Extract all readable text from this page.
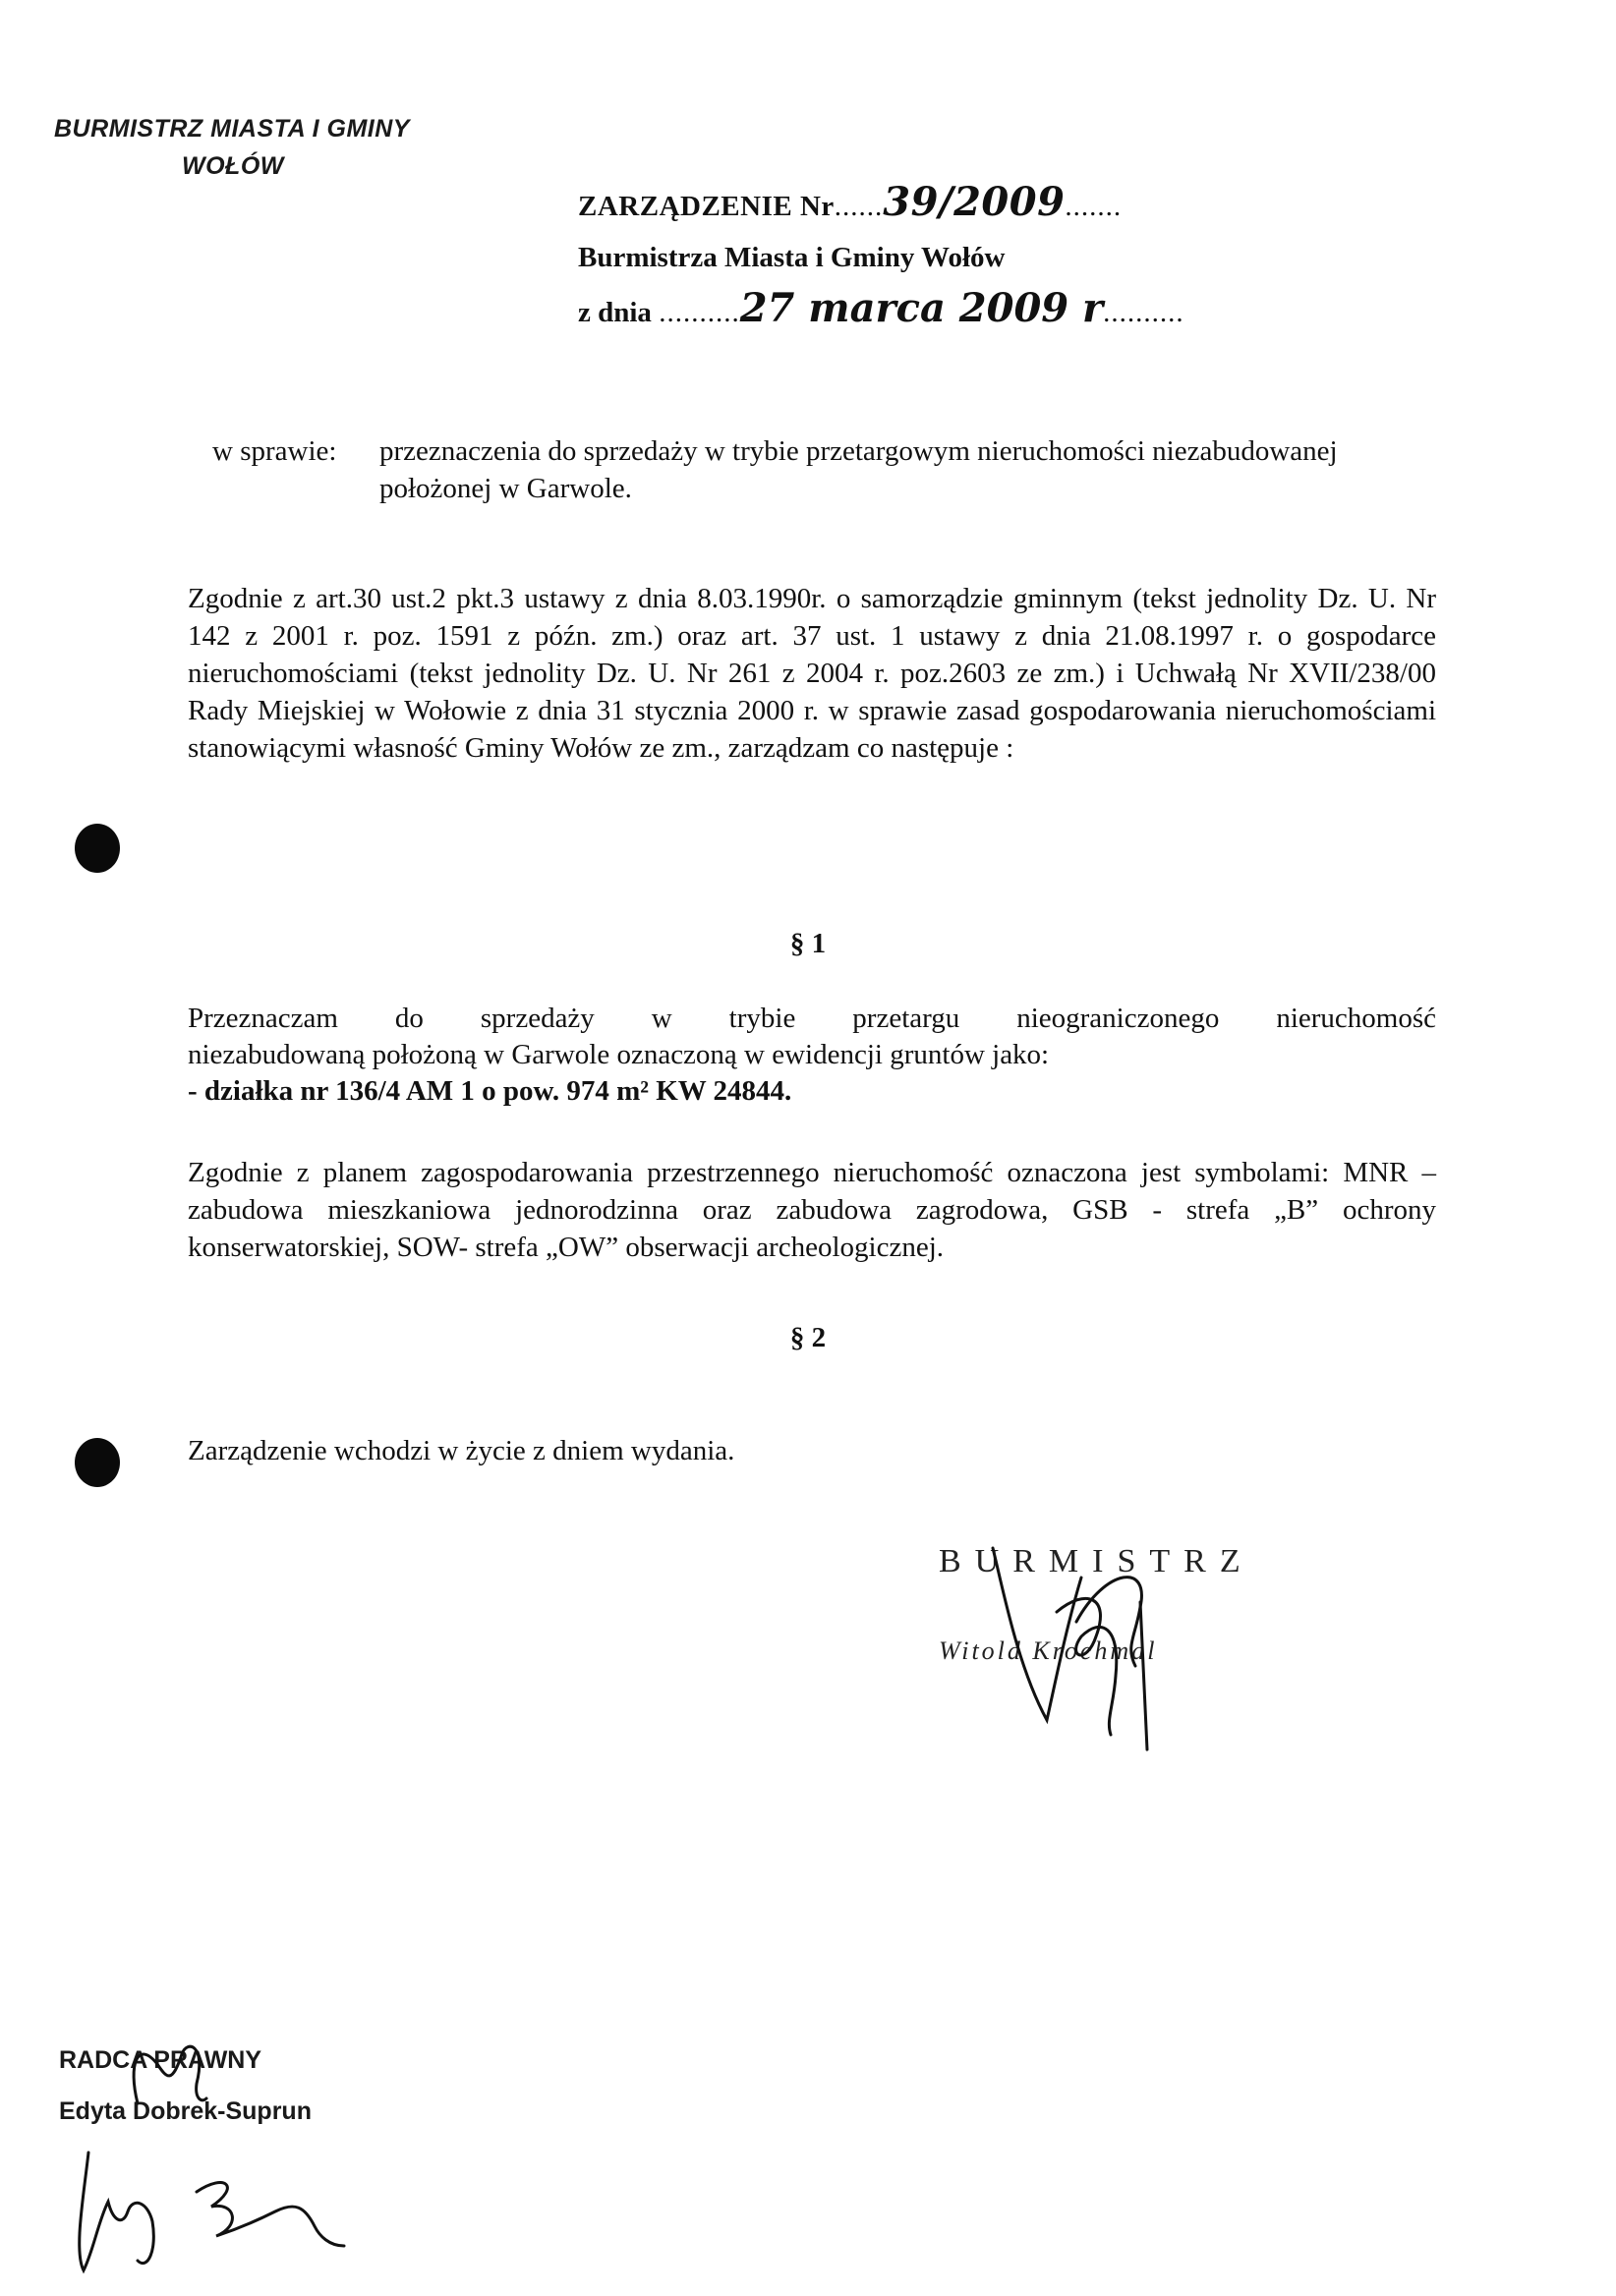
BURMISTRZ MIASTA I GMINY
WOŁÓW
ZARZĄDZENIE Nr......39/2009.......
Burmistrza Miasta i Gminy Wołów
z dnia ..........27 marca 2009 r..........
w sprawie: przeznaczenia do sprzedaży w trybie przetargowym nieruchomości niezabudowanej położonej w Garwole.
Zgodnie z art.30 ust.2 pkt.3 ustawy z dnia 8.03.1990r. o samorządzie gminnym (tekst jednolity Dz. U. Nr 142 z 2001 r. poz. 1591 z późn. zm.) oraz art. 37 ust. 1 ustawy z dnia 21.08.1997 r. o gospodarce nieruchomościami (tekst jednolity Dz. U. Nr 261 z 2004 r. poz.2603 ze zm.) i Uchwałą Nr XVII/238/00 Rady Miejskiej w Wołowie z dnia 31 stycznia 2000 r. w sprawie zasad gospodarowania nieruchomościami stanowiącymi własność Gminy Wołów ze zm., zarządzam co następuje :
§ 1
Przeznaczam do sprzedaży w trybie przetargu nieograniczonego nieruchomość
niezabudowaną położoną w Garwole oznaczoną w ewidencji gruntów jako:
- działka nr 136/4 AM 1 o pow. 974 m² KW 24844.
Zgodnie z planem zagospodarowania przestrzennego nieruchomość oznaczona jest symbolami: MNR – zabudowa mieszkaniowa jednorodzinna oraz zabudowa zagrodowa, GSB - strefa „B” ochrony konserwatorskiej, SOW- strefa „OW” obserwacji archeologicznej.
§ 2
Zarządzenie wchodzi w życie z dniem wydania.
BURMISTRZ
Witold Krochmal
RADCA PRAWNY
Edyta Dobrek-Suprun
